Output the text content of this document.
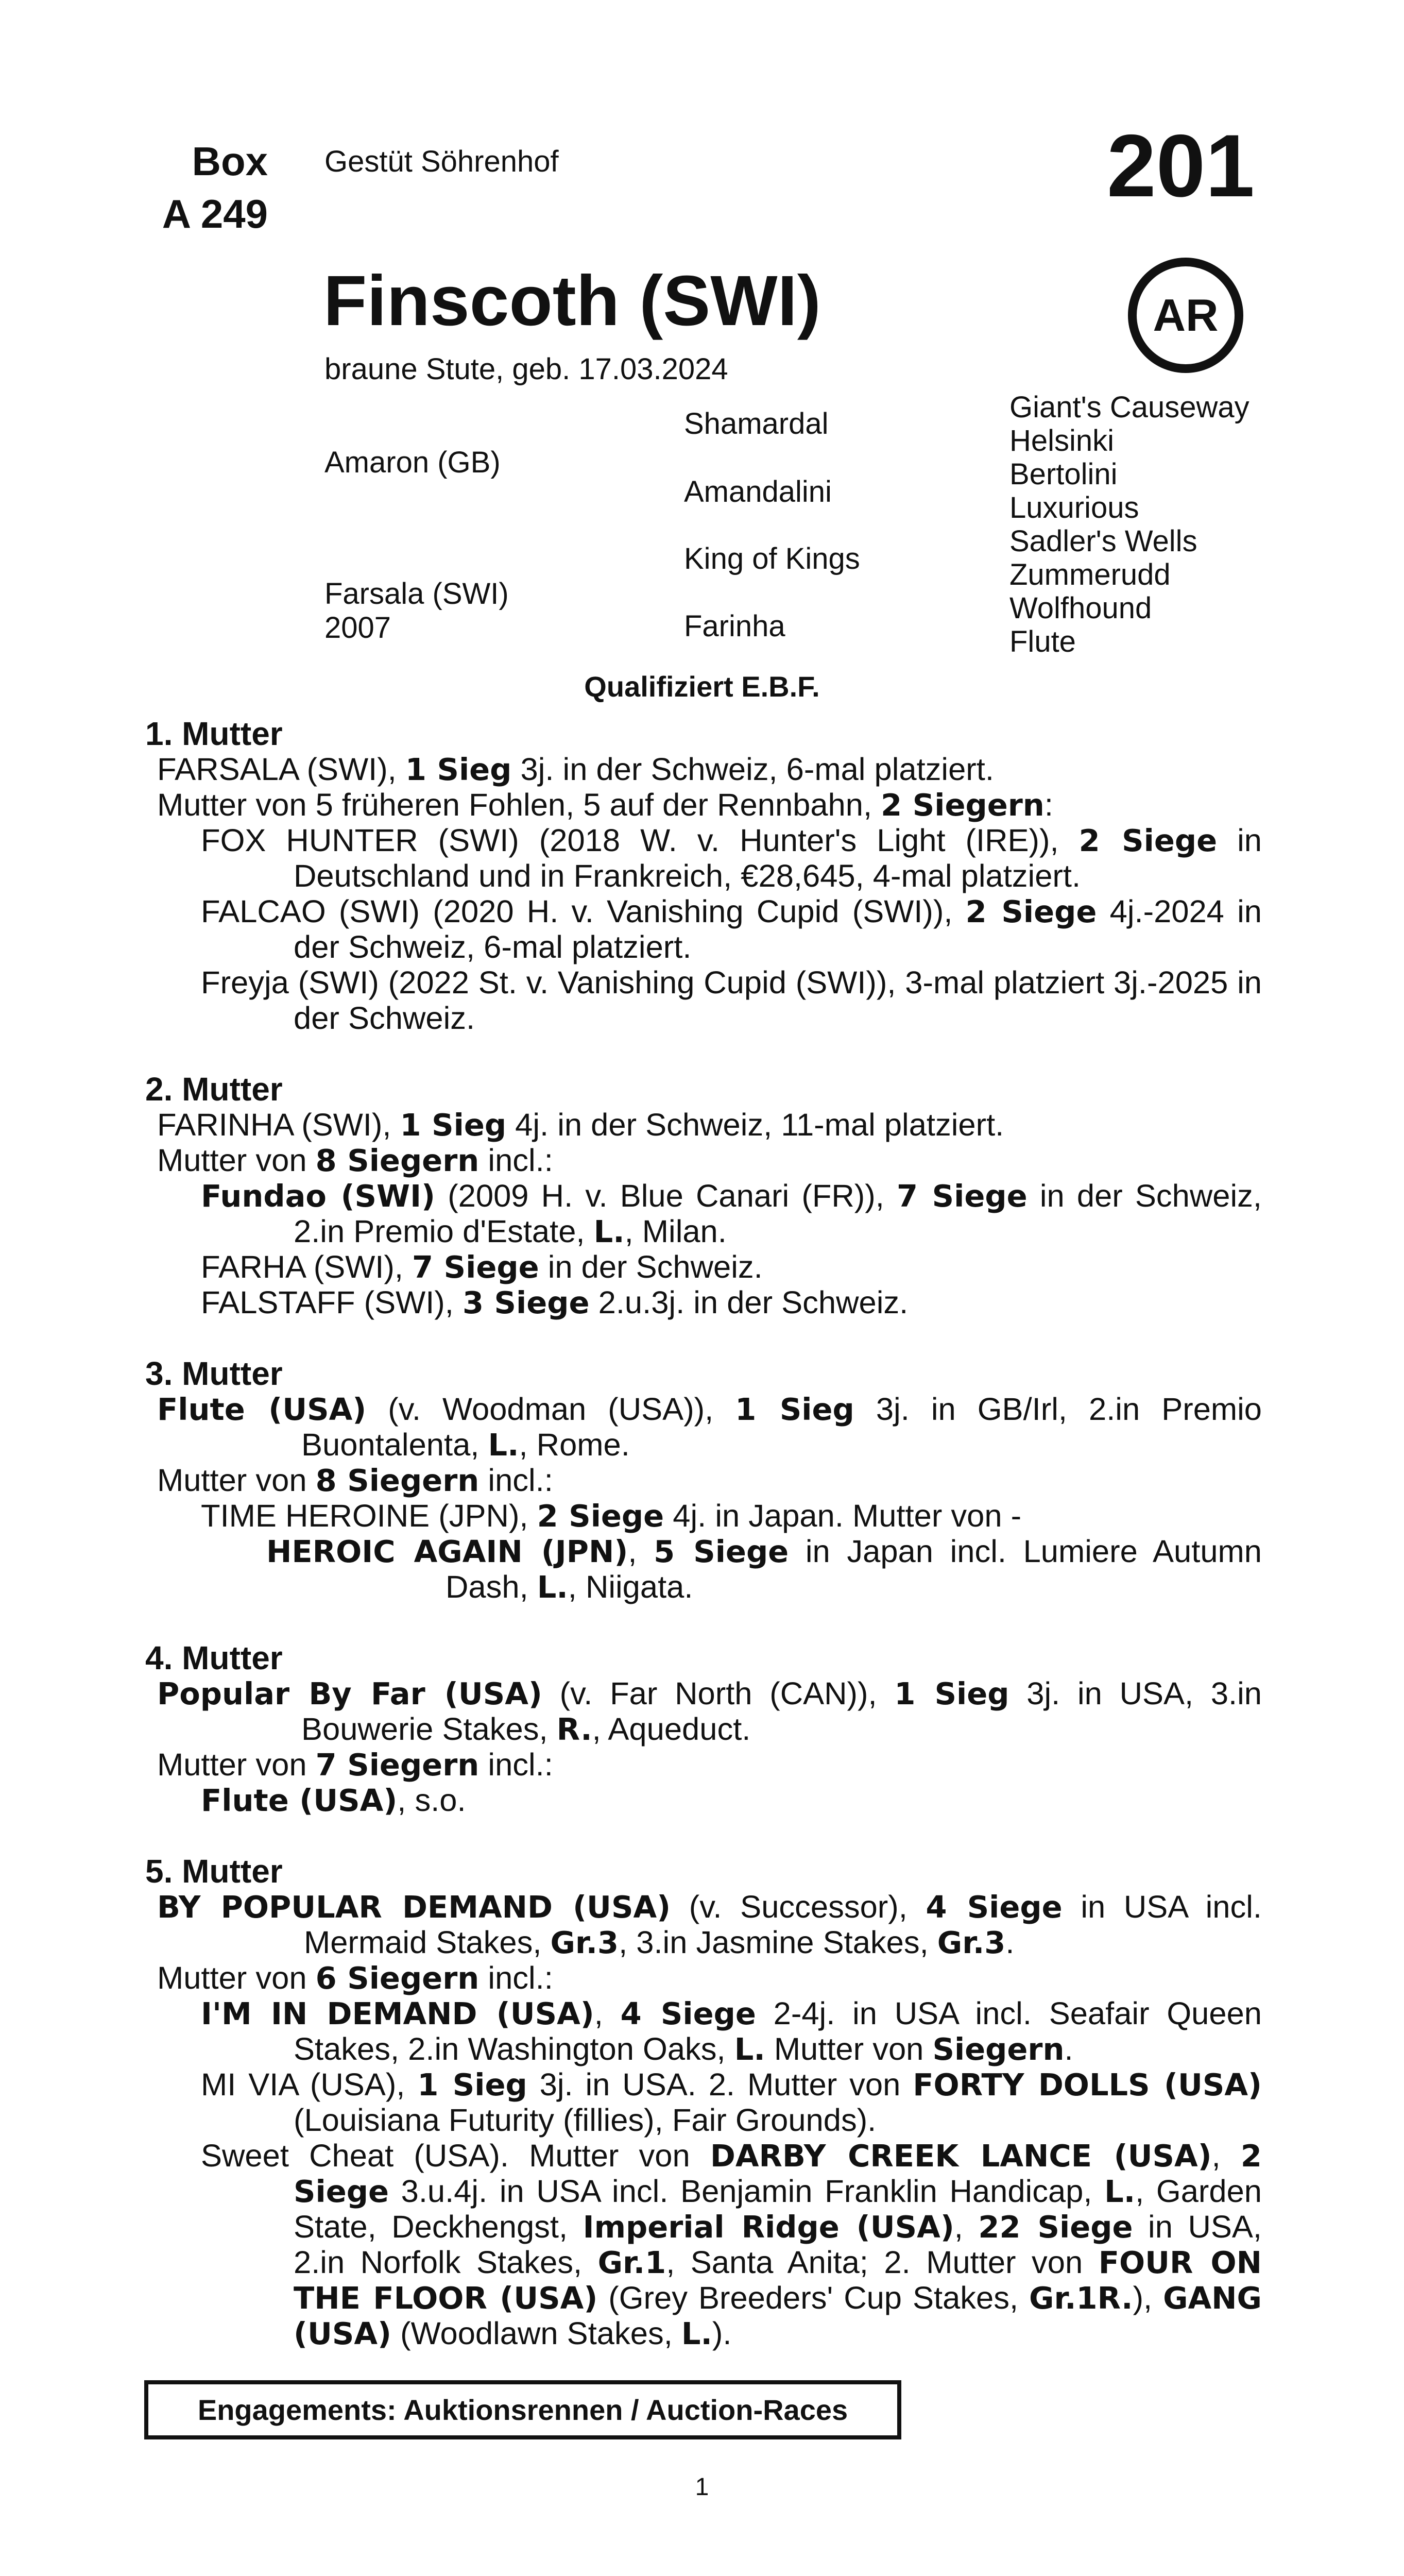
Box
A 249
Gestüt Söhrenhof	201
AR
Finscoth (SWI)
braune Stute, geb. 17.03.2024
Amaron (GB)
Farsala (SWI)
2007
Shamardal
Amandalini
King of Kings
Farinha
Giant's Causeway
Helsinki
Bertolini
Luxurious
Sadler's Wells
Zummerudd
Wolfhound
Flute
Qualifiziert E.B.F.
1. Mutter
FARSALA (SWI), 1 Sieg 3j. in der Schweiz, 6-mal platziert.
Mutter von 5 früheren Fohlen, 5 auf der Rennbahn, 2 Siegern:
FOX HUNTER (SWI) (2018 W. v. Hunter's Light (IRE)), 2 Siege in Deutschland und in Frankreich, €28,645, 4-mal platziert.
FALCAO (SWI) (2020 H. v. Vanishing Cupid (SWI)), 2 Siege 4j.-2024 in der Schweiz, 6-mal platziert.
Freyja (SWI) (2022 St. v. Vanishing Cupid (SWI)), 3-mal platziert 3j.-2025 in der Schweiz.
2. Mutter
FARINHA (SWI), 1 Sieg 4j. in der Schweiz, 11-mal platziert.
Mutter von 8 Siegern incl.:
Fundao (SWI) (2009 H. v. Blue Canari (FR)), 7 Siege in der Schweiz, 2.in Premio d'Estate, L., Milan.
FARHA (SWI), 7 Siege in der Schweiz.
FALSTAFF (SWI), 3 Siege 2.u.3j. in der Schweiz.
3. Mutter
Flute (USA) (v. Woodman (USA)), 1 Sieg 3j. in GB/Irl, 2.in Premio Buontalenta, L., Rome.
Mutter von 8 Siegern incl.:
TIME HEROINE (JPN), 2 Siege 4j. in Japan. Mutter von -
HEROIC AGAIN (JPN), 5 Siege in Japan incl. Lumiere Autumn Dash, L., Niigata.
4. Mutter
Popular By Far (USA) (v. Far North (CAN)), 1 Sieg 3j. in USA, 3.in Bouwerie Stakes, R., Aqueduct.
Mutter von 7 Siegern incl.:
Flute (USA), s.o.
5. Mutter
BY POPULAR DEMAND (USA) (v. Successor), 4 Siege in USA incl. Mermaid Stakes, Gr.3, 3.in Jasmine Stakes, Gr.3.
Mutter von 6 Siegern incl.:
I'M IN DEMAND (USA), 4 Siege 2-4j. in USA incl. Seafair Queen Stakes, 2.in Washington Oaks, L. Mutter von Siegern.
MI VIA (USA), 1 Sieg 3j. in USA. 2. Mutter von FORTY DOLLS (USA) (Louisiana Futurity (fillies), Fair Grounds).
Sweet Cheat (USA). Mutter von DARBY CREEK LANCE (USA), 2 Siege 3.u.4j. in USA incl. Benjamin Franklin Handicap, L., Garden State, Deckhengst, Imperial Ridge (USA), 22 Siege in USA, 2.in Norfolk Stakes, Gr.1, Santa Anita; 2. Mutter von FOUR ON THE FLOOR (USA) (Grey Breeders' Cup Stakes, Gr.1R.), GANG (USA) (Woodlawn Stakes, L.).
Engagements: Auktionsrennen / Auction-Races
1
